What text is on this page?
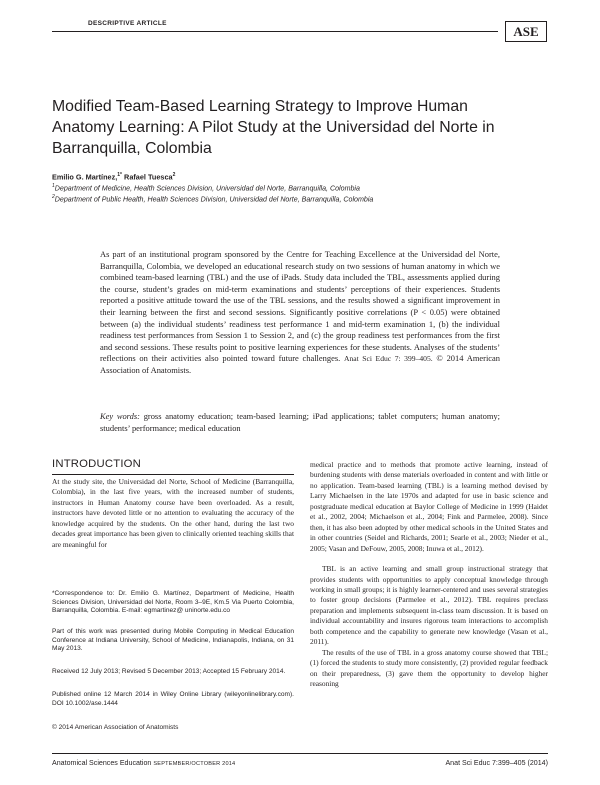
DESCRIPTIVE ARTICLE
ASE
Modified Team-Based Learning Strategy to Improve Human Anatomy Learning: A Pilot Study at the Universidad del Norte in Barranquilla, Colombia
Emilio G. Martínez,$^{1*}$ Rafael Tuesca$^2$
$^1$Department of Medicine, Health Sciences Division, Universidad del Norte, Barranquilla, Colombia
$^2$Department of Public Health, Health Sciences Division, Universidad del Norte, Barranquilla, Colombia
As part of an institutional program sponsored by the Centre for Teaching Excellence at the Universidad del Norte, Barranquilla, Colombia, we developed an educational research study on two sessions of human anatomy in which we combined team-based learning (TBL) and the use of iPads. Study data included the TBL, assessments applied during the course, student’s grades on mid-term examinations and students’ perceptions of their experiences. Students reported a positive attitude toward the use of the TBL sessions, and the results showed a significant improvement in their learning between the first and second sessions. Significantly positive correlations (P < 0.05) were obtained between (a) the individual students’ readiness test performance 1 and mid-term examination 1, (b) the individual readiness test performances from Session 1 to Session 2, and (c) the group readiness test performances from the first and second sessions. These results point to positive learning experiences for these students. Analyses of the students’ reflections on their activities also pointed toward future challenges. Anat Sci Educ 7: 399–405. © 2014 American Association of Anatomists.
Key words: gross anatomy education; team-based learning; iPad applications; tablet computers; human anatomy; students’ performance; medical education
INTRODUCTION

At the study site, the Universidad del Norte, School of Medicine (Barranquilla, Colombia), in the last five years, with the increased number of students, instructors in Human Anatomy course have been overloaded. As a result, instructors have devoted little or no attention to evaluating the accuracy of the knowledge acquired by the students. On the other hand, during the last two decades great importance has been given to clinically oriented teaching skills that are meaningful for

*Correspondence to: Dr. Emilio G. Martínez, Department of Medicine, Health Sciences Division, Universidad del Norte, Room 3–9E, Km.5 Via Puerto Colombia, Barranquilla, Colombia. E-mail: egmartinez@ uninorte.edu.co

Part of this work was presented during Mobile Computing in Medical Education Conference at Indiana University, School of Medicine, Indianapolis, Indiana, on 31 May 2013.

Received 12 July 2013; Revised 5 December 2013; Accepted 15 February 2014.

Published online 12 March 2014 in Wiley Online Library (wileyonlinelibrary.com). DOI 10.1002/ase.1444

© 2014 American Association of Anatomists

medical practice and to methods that promote active learning, instead of burdening students with dense materials overloaded in content and with little or no application. Team-based learning (TBL) is a learning method devised by Larry Michaelsen in the late 1970s and adapted for use in basic science and postgraduate medical education at Baylor College of Medicine in 1999 (Haidet et al., 2002, 2004; Michaelson et al., 2004; Fink and Parmelee, 2008). Since then, it has also been adopted by other medical schools in the United States and in other countries (Seidel and Richards, 2001; Searle et al., 2003; Nieder et al., 2005; Vasan and DeFouw, 2005, 2008; Inuwa et al., 2012).

TBL is an active learning and small group instructional strategy that provides students with opportunities to apply conceptual knowledge through working in small groups; it is highly learner-centered and uses several strategies to foster group decisions (Parmelee et al., 2012). TBL requires preclass preparation and implements subsequent in-class team discussion. It is based on individual accountability and insures rigorous team interactions to accomplish both competence and the capability to generate new knowledge (Vasan et al., 2011).

The results of the use of TBL in a gross anatomy course showed that TBL; (1) forced the students to study more consistently, (2) provided regular feedback on their preparedness, (3) gave them the opportunity to develop higher reasoning

Anatomical Sciences Education SEPTEMBER/OCTOBER 2014	Anat Sci Educ 7:399–405 (2014)
